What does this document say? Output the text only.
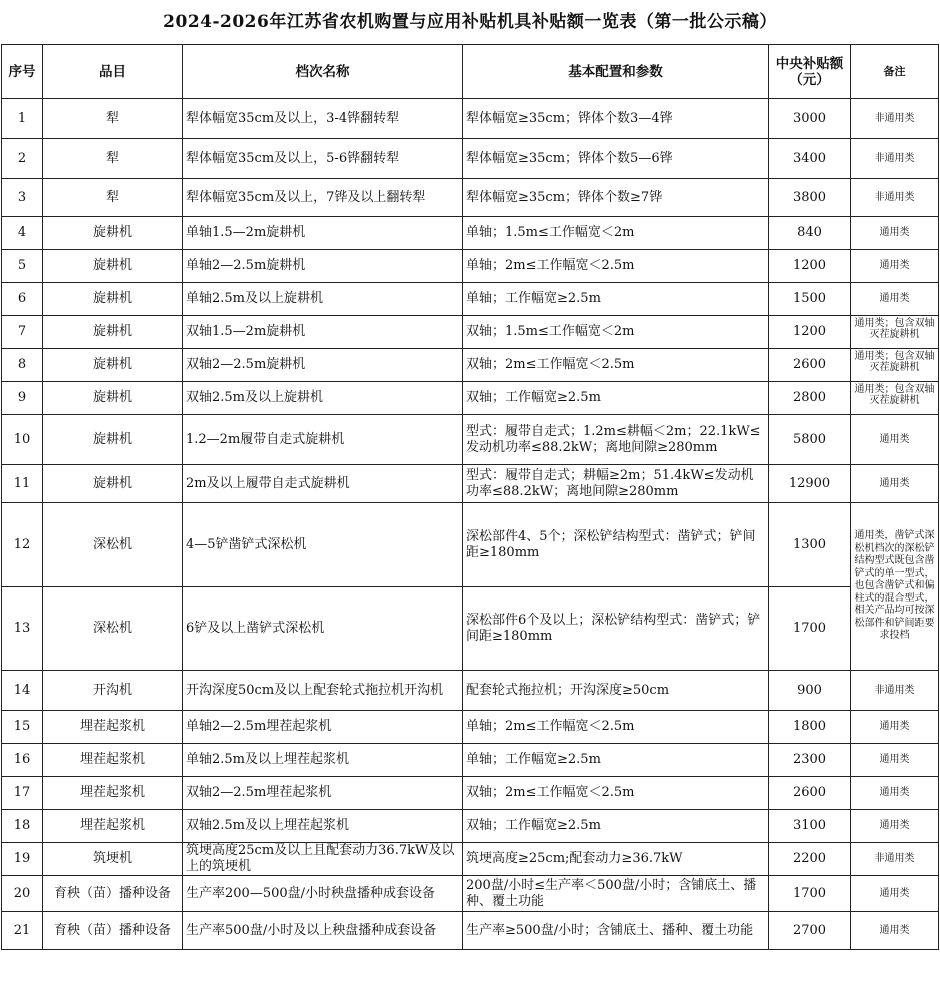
2024-2026年江苏省农机购置与应用补贴机具补贴额一览表（第一批公示稿）
序号	品目	档次名称	基本配置和参数	中央补贴额 （元）	备注
1	犁	犁体幅宽35cm及以上，3-4铧翻转犁	犁体幅宽≥35cm；铧体个数3—4铧	3000	非通用类
2	犁	犁体幅宽35cm及以上，5-6铧翻转犁	犁体幅宽≥35cm；铧体个数5—6铧	3400	非通用类
3	犁	犁体幅宽35cm及以上，7铧及以上翻转犁	犁体幅宽≥35cm；铧体个数≥7铧	3800	非通用类
4	旋耕机	单轴1.5—2m旋耕机	单轴；1.5m≤工作幅宽＜2m	840	通用类
5	旋耕机	单轴2—2.5m旋耕机	单轴；2m≤工作幅宽＜2.5m	1200	通用类
6	旋耕机	单轴2.5m及以上旋耕机	单轴；工作幅宽≥2.5m	1500	通用类
7	旋耕机	双轴1.5—2m旋耕机	双轴；1.5m≤工作幅宽＜2m	1200	通用类；包含双轴灭茬旋耕机
8	旋耕机	双轴2—2.5m旋耕机	双轴；2m≤工作幅宽＜2.5m	2600	通用类；包含双轴灭茬旋耕机
9	旋耕机	双轴2.5m及以上旋耕机	双轴；工作幅宽≥2.5m	2800	通用类；包含双轴灭茬旋耕机
10	旋耕机	1.2—2m履带自走式旋耕机	型式：履带自走式；1.2m≤耕幅＜2m；22.1kW≤发动机功率≤88.2kW；离地间隙≥280mm	5800	通用类
11	旋耕机	2m及以上履带自走式旋耕机	型式：履带自走式；耕幅≥2m；51.4kW≤发动机功率≤88.2kW；离地间隙≥280mm	12900	通用类
12	深松机	4—5铲凿铲式深松机	深松部件4、5个；深松铲结构型式：凿铲式；铲间距≥180mm	1300	通用类，凿铲式深松机档次的深松铲结构型式既包含凿铲式的单一型式，也包含凿铲式和偏柱式的混合型式，相关产品均可按深松部件和铲间距要求投档
13	深松机	6铲及以上凿铲式深松机	深松部件6个及以上；深松铲结构型式：凿铲式；铲间距≥180mm	1700	
14	开沟机	开沟深度50cm及以上配套轮式拖拉机开沟机	配套轮式拖拉机；开沟深度≥50cm	900	非通用类
15	埋茬起浆机	单轴2—2.5m埋茬起浆机	单轴；2m≤工作幅宽＜2.5m	1800	通用类
16	埋茬起浆机	单轴2.5m及以上埋茬起浆机	单轴；工作幅宽≥2.5m	2300	通用类
17	埋茬起浆机	双轴2—2.5m埋茬起浆机	双轴；2m≤工作幅宽＜2.5m	2600	通用类
18	埋茬起浆机	双轴2.5m及以上埋茬起浆机	双轴；工作幅宽≥2.5m	3100	通用类
19	筑埂机	筑埂高度25cm及以上且配套动力36.7kW及以上的筑埂机	筑埂高度≥25cm;配套动力≥36.7kW	2200	非通用类
20	育秧（苗）播种设备	生产率200—500盘/小时秧盘播种成套设备	200盘/小时≤生产率＜500盘/小时；含铺底土、播种、覆土功能	1700	通用类
21	育秧（苗）播种设备	生产率500盘/小时及以上秧盘播种成套设备	生产率≥500盘/小时；含铺底土、播种、覆土功能	2700	通用类
